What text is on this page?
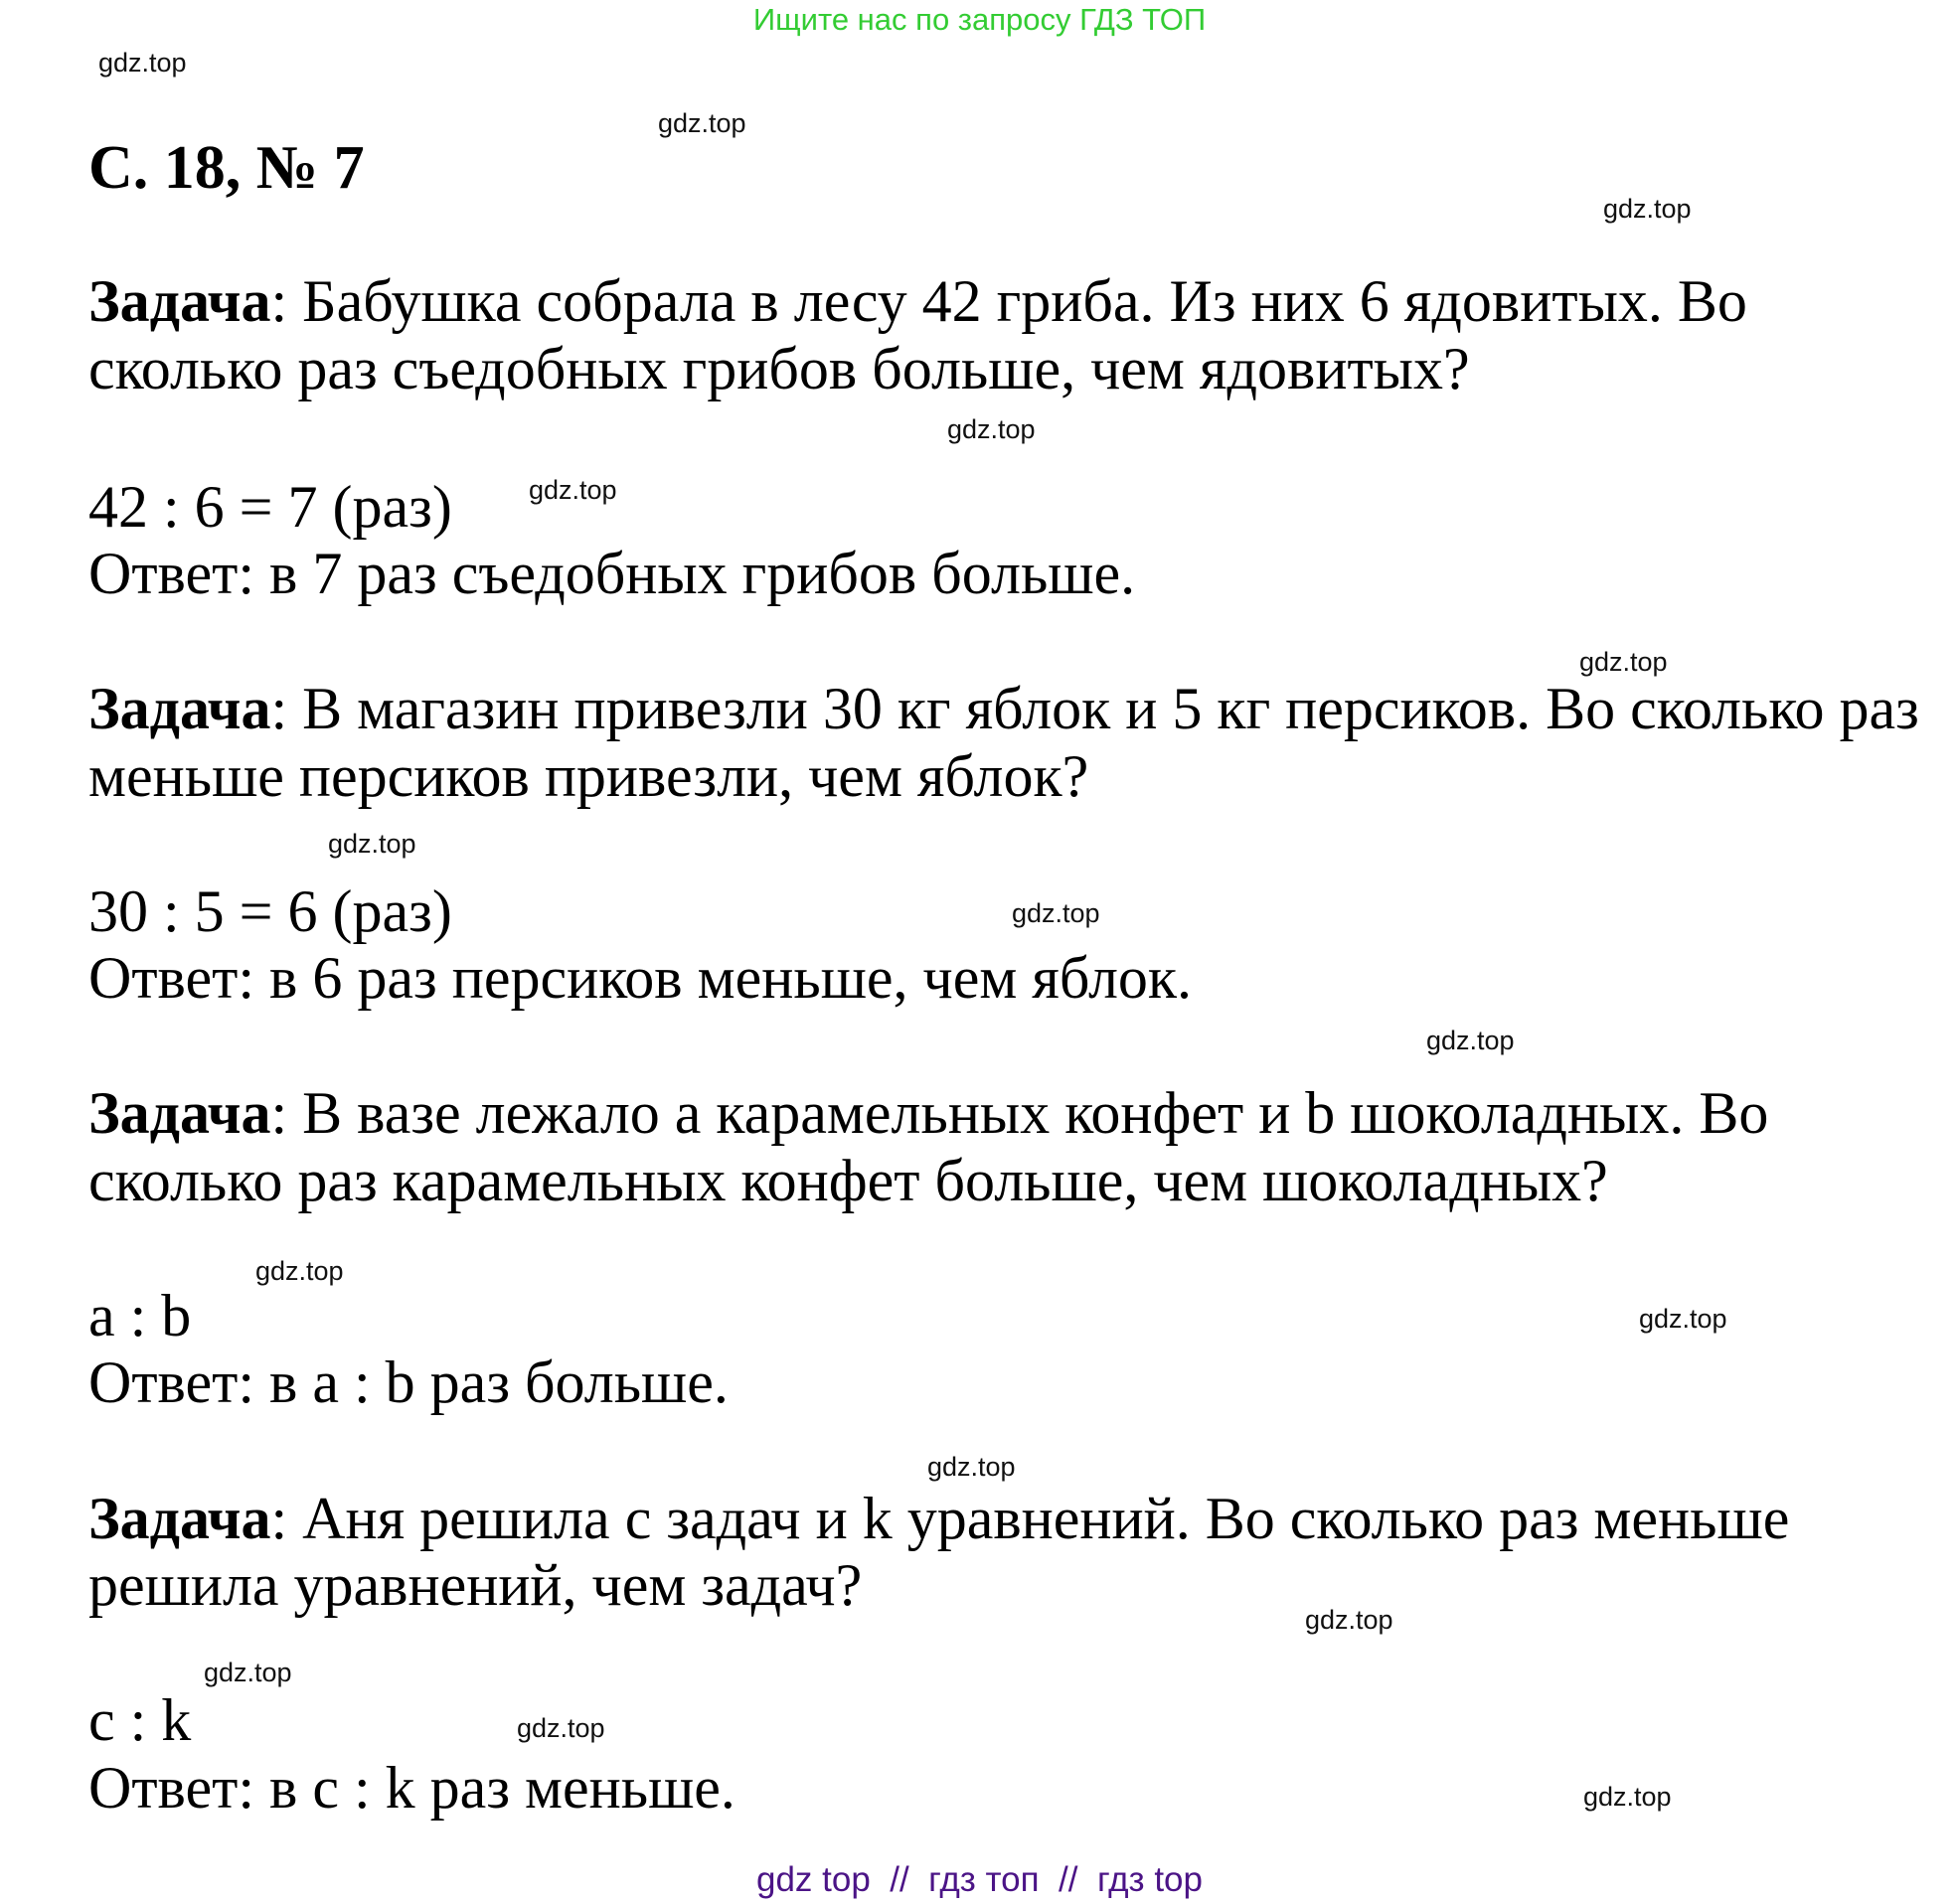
Ищите нас по запросу ГДЗ ТОП
С. 18, № 7
Задача: Бабушка собрала в лесу 42 гриба. Из них 6 ядовитых. Во
сколько раз съедобных грибов больше, чем ядовитых?
42 : 6 = 7 (раз)
Ответ: в 7 раз съедобных грибов больше.
Задача: В магазин привезли 30 кг яблок и 5 кг персиков. Во сколько раз
меньше персиков привезли, чем яблок?
30 : 5 = 6 (раз)
Ответ: в 6 раз персиков меньше, чем яблок.
Задача: В вазе лежало a карамельных конфет и b шоколадных. Во
сколько раз карамельных конфет больше, чем шоколадных?
a : b
Ответ: в a : b раз больше.
Задача: Аня решила c задач и k уравнений. Во сколько раз меньше
решила уравнений, чем задач?
c : k
Ответ: в c : k раз меньше.
gdz.top
gdz.top
gdz.top
gdz.top
gdz.top
gdz.top
gdz.top
gdz.top
gdz.top
gdz.top
gdz.top
gdz.top
gdz.top
gdz.top
gdz.top
gdz.top
gdz top  //  гдз топ  //  гдз top
